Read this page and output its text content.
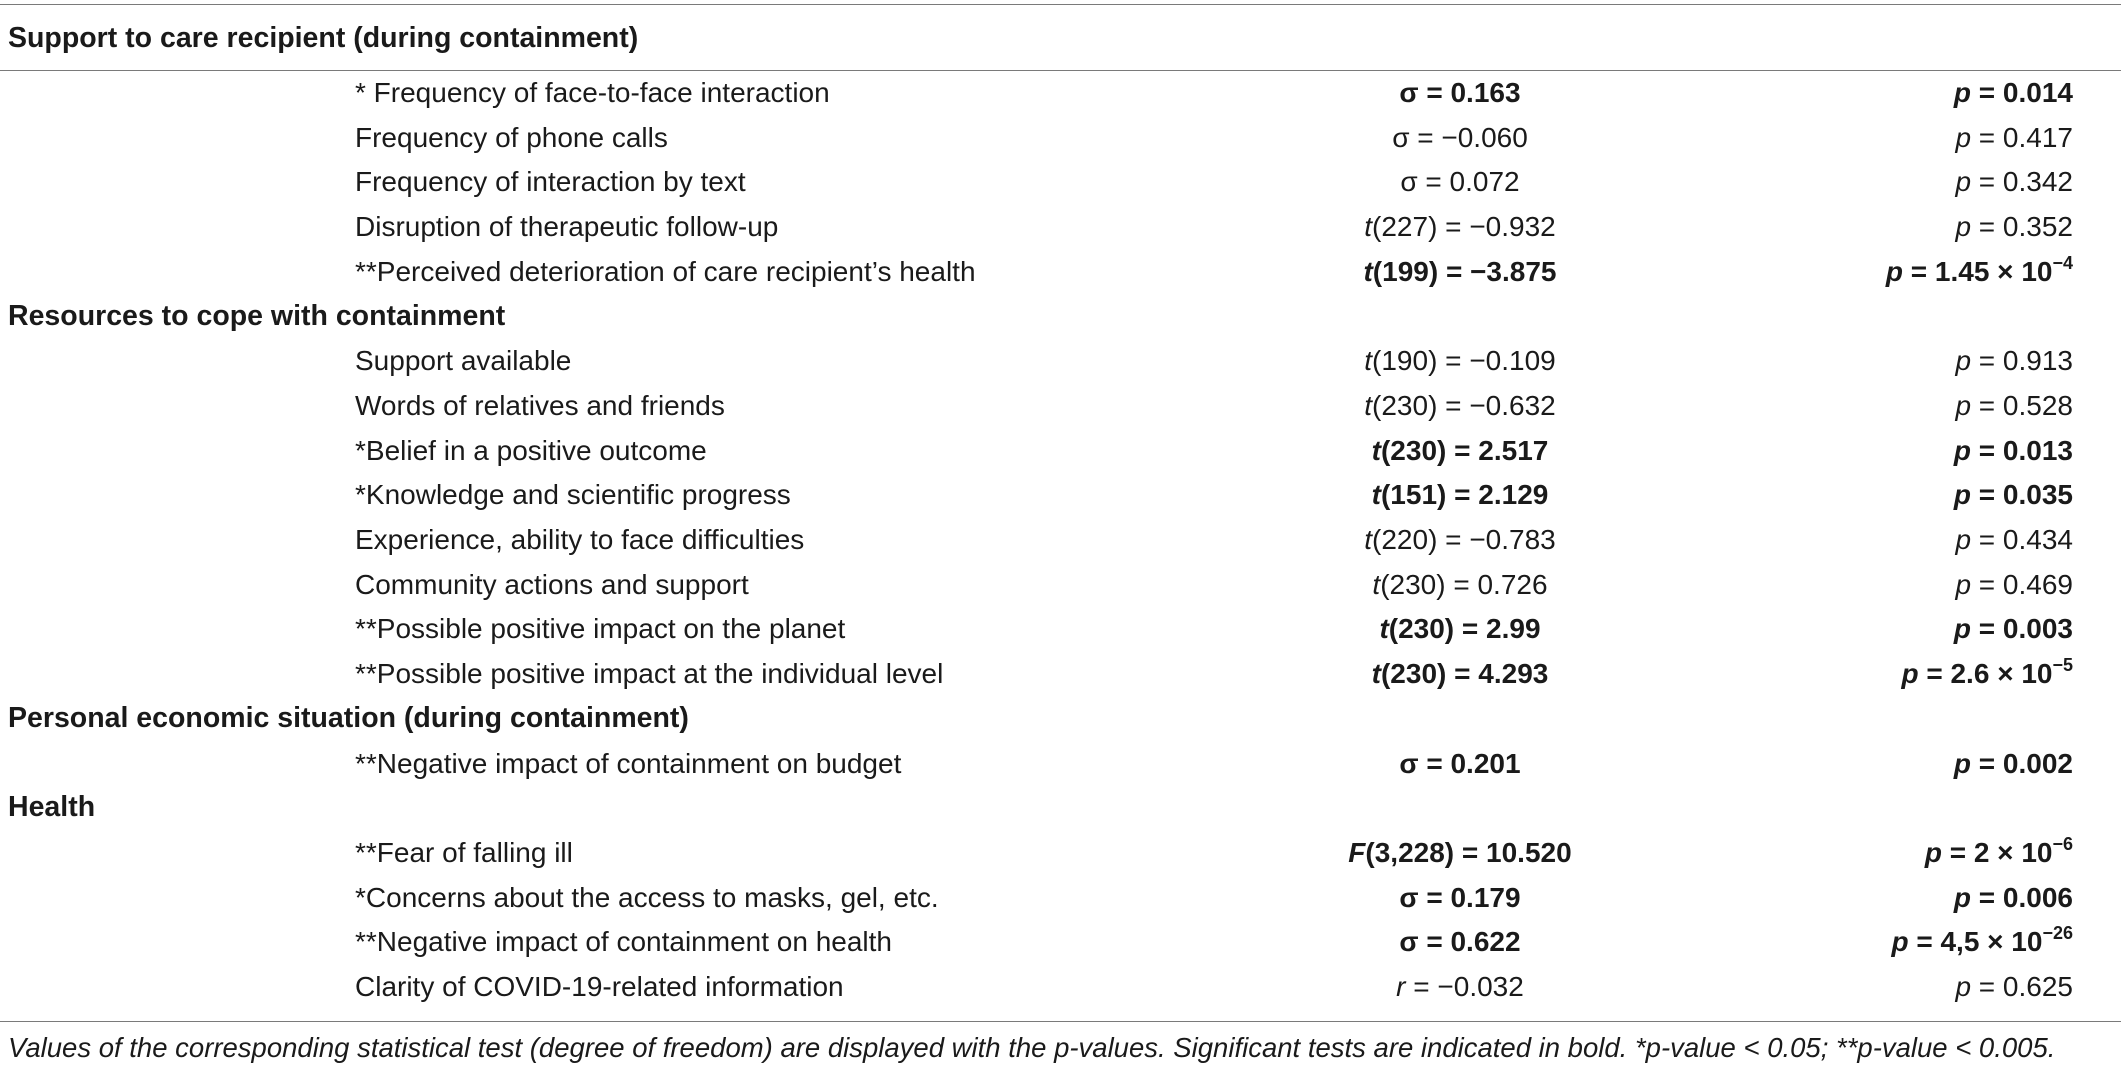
Support to care recipient (during containment)
* Frequency of face-to-face interaction	σ = 0.163	p = 0.014
Frequency of phone calls	σ = −0.060	p = 0.417
Frequency of interaction by text	σ = 0.072	p = 0.342
Disruption of therapeutic follow-up	t(227) = −0.932	p = 0.352
**Perceived deterioration of care recipient’s health	t(199) = −3.875	$p = 1.45 \times 10^{-4}$
Resources to cope with containment
Support available	t(190) = −0.109	p = 0.913
Words of relatives and friends	t(230) = −0.632	p = 0.528
*Belief in a positive outcome	t(230) = 2.517	p = 0.013
*Knowledge and scientific progress	t(151) = 2.129	p = 0.035
Experience, ability to face difficulties	t(220) = −0.783	p = 0.434
Community actions and support	t(230) = 0.726	p = 0.469
**Possible positive impact on the planet	t(230) = 2.99	p = 0.003
**Possible positive impact at the individual level	t(230) = 4.293	$p = 2.6 \times 10^{-5}$
Personal economic situation (during containment)
**Negative impact of containment on budget	σ = 0.201	p = 0.002
Health
**Fear of falling ill	F(3,228) = 10.520	$p = 2 \times 10^{-6}$
*Concerns about the access to masks, gel, etc.	σ = 0.179	p = 0.006
**Negative impact of containment on health	σ = 0.622	$p = 4,5 \times 10^{-26}$
Clarity of COVID-19-related information	r = −0.032	p = 0.625
Values of the corresponding statistical test (degree of freedom) are displayed with the p-values. Significant tests are indicated in bold. *p-value < 0.05; **p-value < 0.005.
